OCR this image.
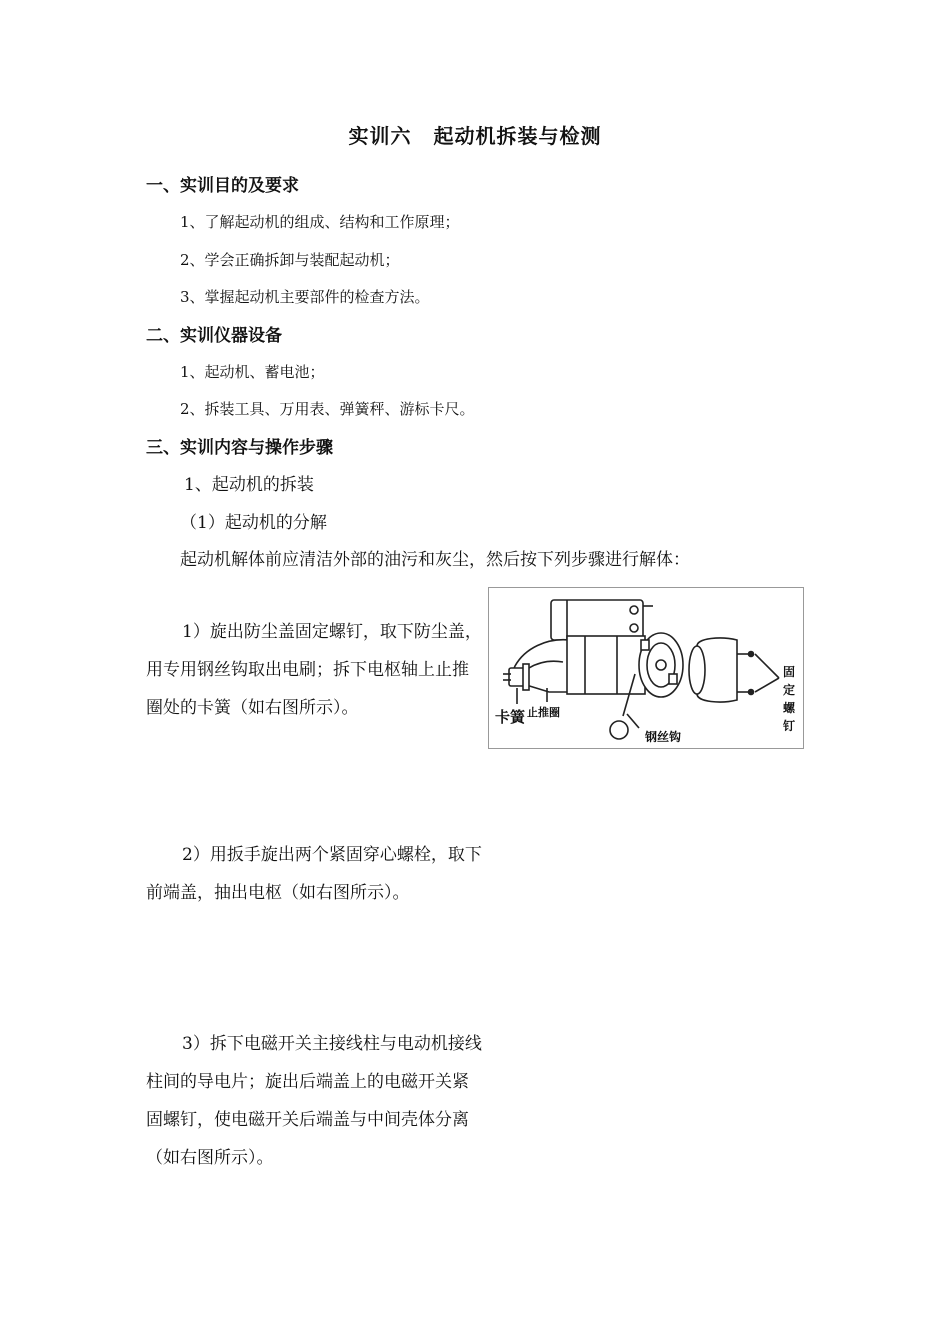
实训六 起动机拆装与检测
一、实训目的及要求
1、了解起动机的组成、结构和工作原理；
2、学会正确拆卸与装配起动机；
3、掌握起动机主要部件的检查方法。
二、实训仪器设备
1、起动机、蓄电池；
2、拆装工具、万用表、弹簧秤、游标卡尺。
三、实训内容与操作步骤
1、起动机的拆装
（1）起动机的分解
起动机解体前应清洁外部的油污和灰尘，然后按下列步骤进行解体：
1）旋出防尘盖固定螺钉，取下防尘盖，用专用钢丝钩取出电刷；拆下电枢轴上止推圈处的卡簧（如右图所示）。
2）用扳手旋出两个紧固穿心螺栓，取下前端盖，抽出电枢（如右图所示）。
3）拆下电磁开关主接线柱与电动机接线柱间的导电片；旋出后端盖上的电磁开关紧固螺钉，使电磁开关后端盖与中间壳体分离（如右图所示）。
卡簧 止推圈
钢丝钩
固
定
螺
钉
